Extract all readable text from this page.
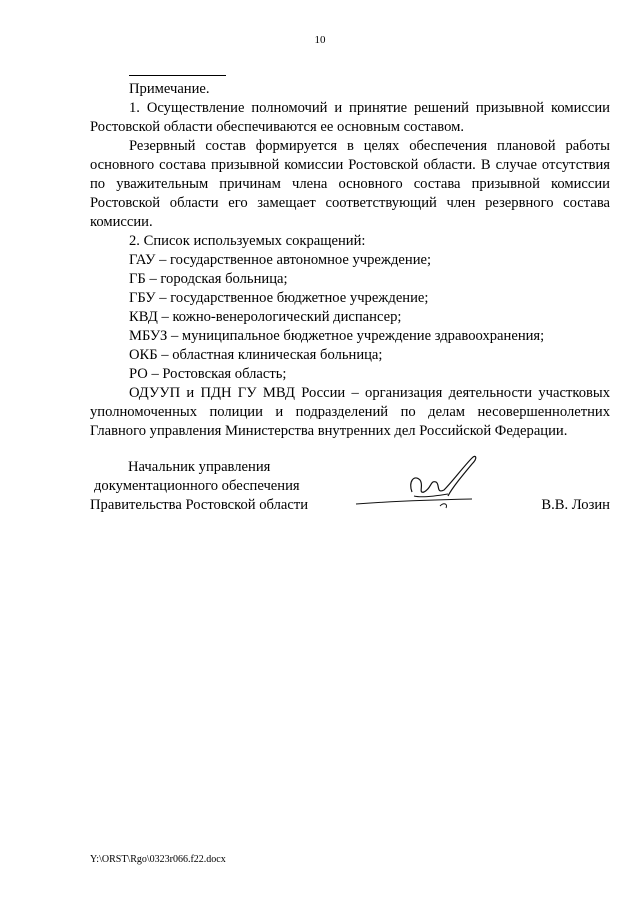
10

Примечание.

1. Осуществление полномочий и принятие решений призывной комиссии Ростовской области обеспечиваются ее основным составом.

Резервный состав формируется в целях обеспечения плановой работы основного состава призывной комиссии Ростовской области. В случае отсутствия по уважительным причинам члена основного состава призывной комиссии Ростовской области его замещает соответствующий член резервного состава комиссии.

2. Список используемых сокращений:

ГАУ – государственное автономное учреждение;

ГБ – городская больница;

ГБУ – государственное бюджетное учреждение;

КВД – кожно-венерологический диспансер;

МБУЗ – муниципальное бюджетное учреждение здравоохранения;

ОКБ – областная клиническая больница;

РО – Ростовская область;

ОДУУП и ПДН ГУ МВД России – организация деятельности участковых уполномоченных полиции и подразделений по делам несовершеннолетних Главного управления Министерства внутренних дел Российской Федерации.

Начальник управления
документационного обеспечения
Правительства Ростовской области	В.В. Лозин
Y:\ORST\Rgo\0323r066.f22.docx
